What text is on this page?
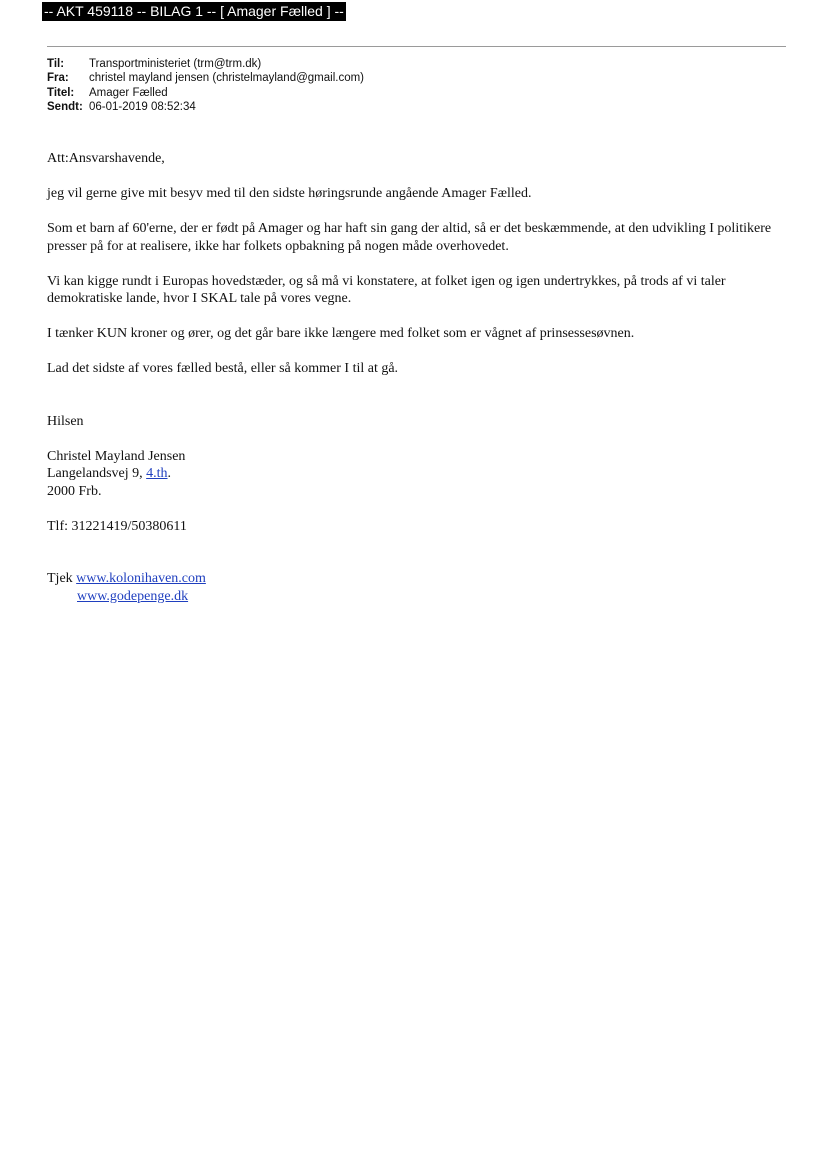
-- AKT 459118 -- BILAG 1 -- [ Amager Fælled ] --
Til:	Transportministeriet (trm@trm.dk)
Fra:	christel mayland jensen (christelmayland@gmail.com)
Titel:	Amager Fælled
Sendt: 06-01-2019 08:52:34

Att:Ansvarshavende,

jeg vil gerne give mit besyv med til den sidste høringsrunde angående Amager Fælled.

Som et barn af 60'erne, der er født på Amager og har haft sin gang der altid, så er det beskæmmende, at den udvikling I politikere presser på for at realisere, ikke har folkets opbakning på nogen måde overhovedet.

Vi kan kigge rundt i Europas hovedstæder, og så må vi konstatere, at folket igen og igen undertrykkes, på trods af vi taler demokratiske lande, hvor I SKAL tale på vores vegne.

I tænker KUN kroner og ører, og det går bare ikke længere med folket som er vågnet af prinsessesøvnen.

Lad det sidste af vores fælled bestå, eller så kommer I til at gå.

Hilsen

Christel Mayland Jensen
Langelandsvej 9, 4.th.
2000 Frb.

Tlf: 31221419/50380611

Tjek www.kolonihaven.com
www.godepenge.dk
